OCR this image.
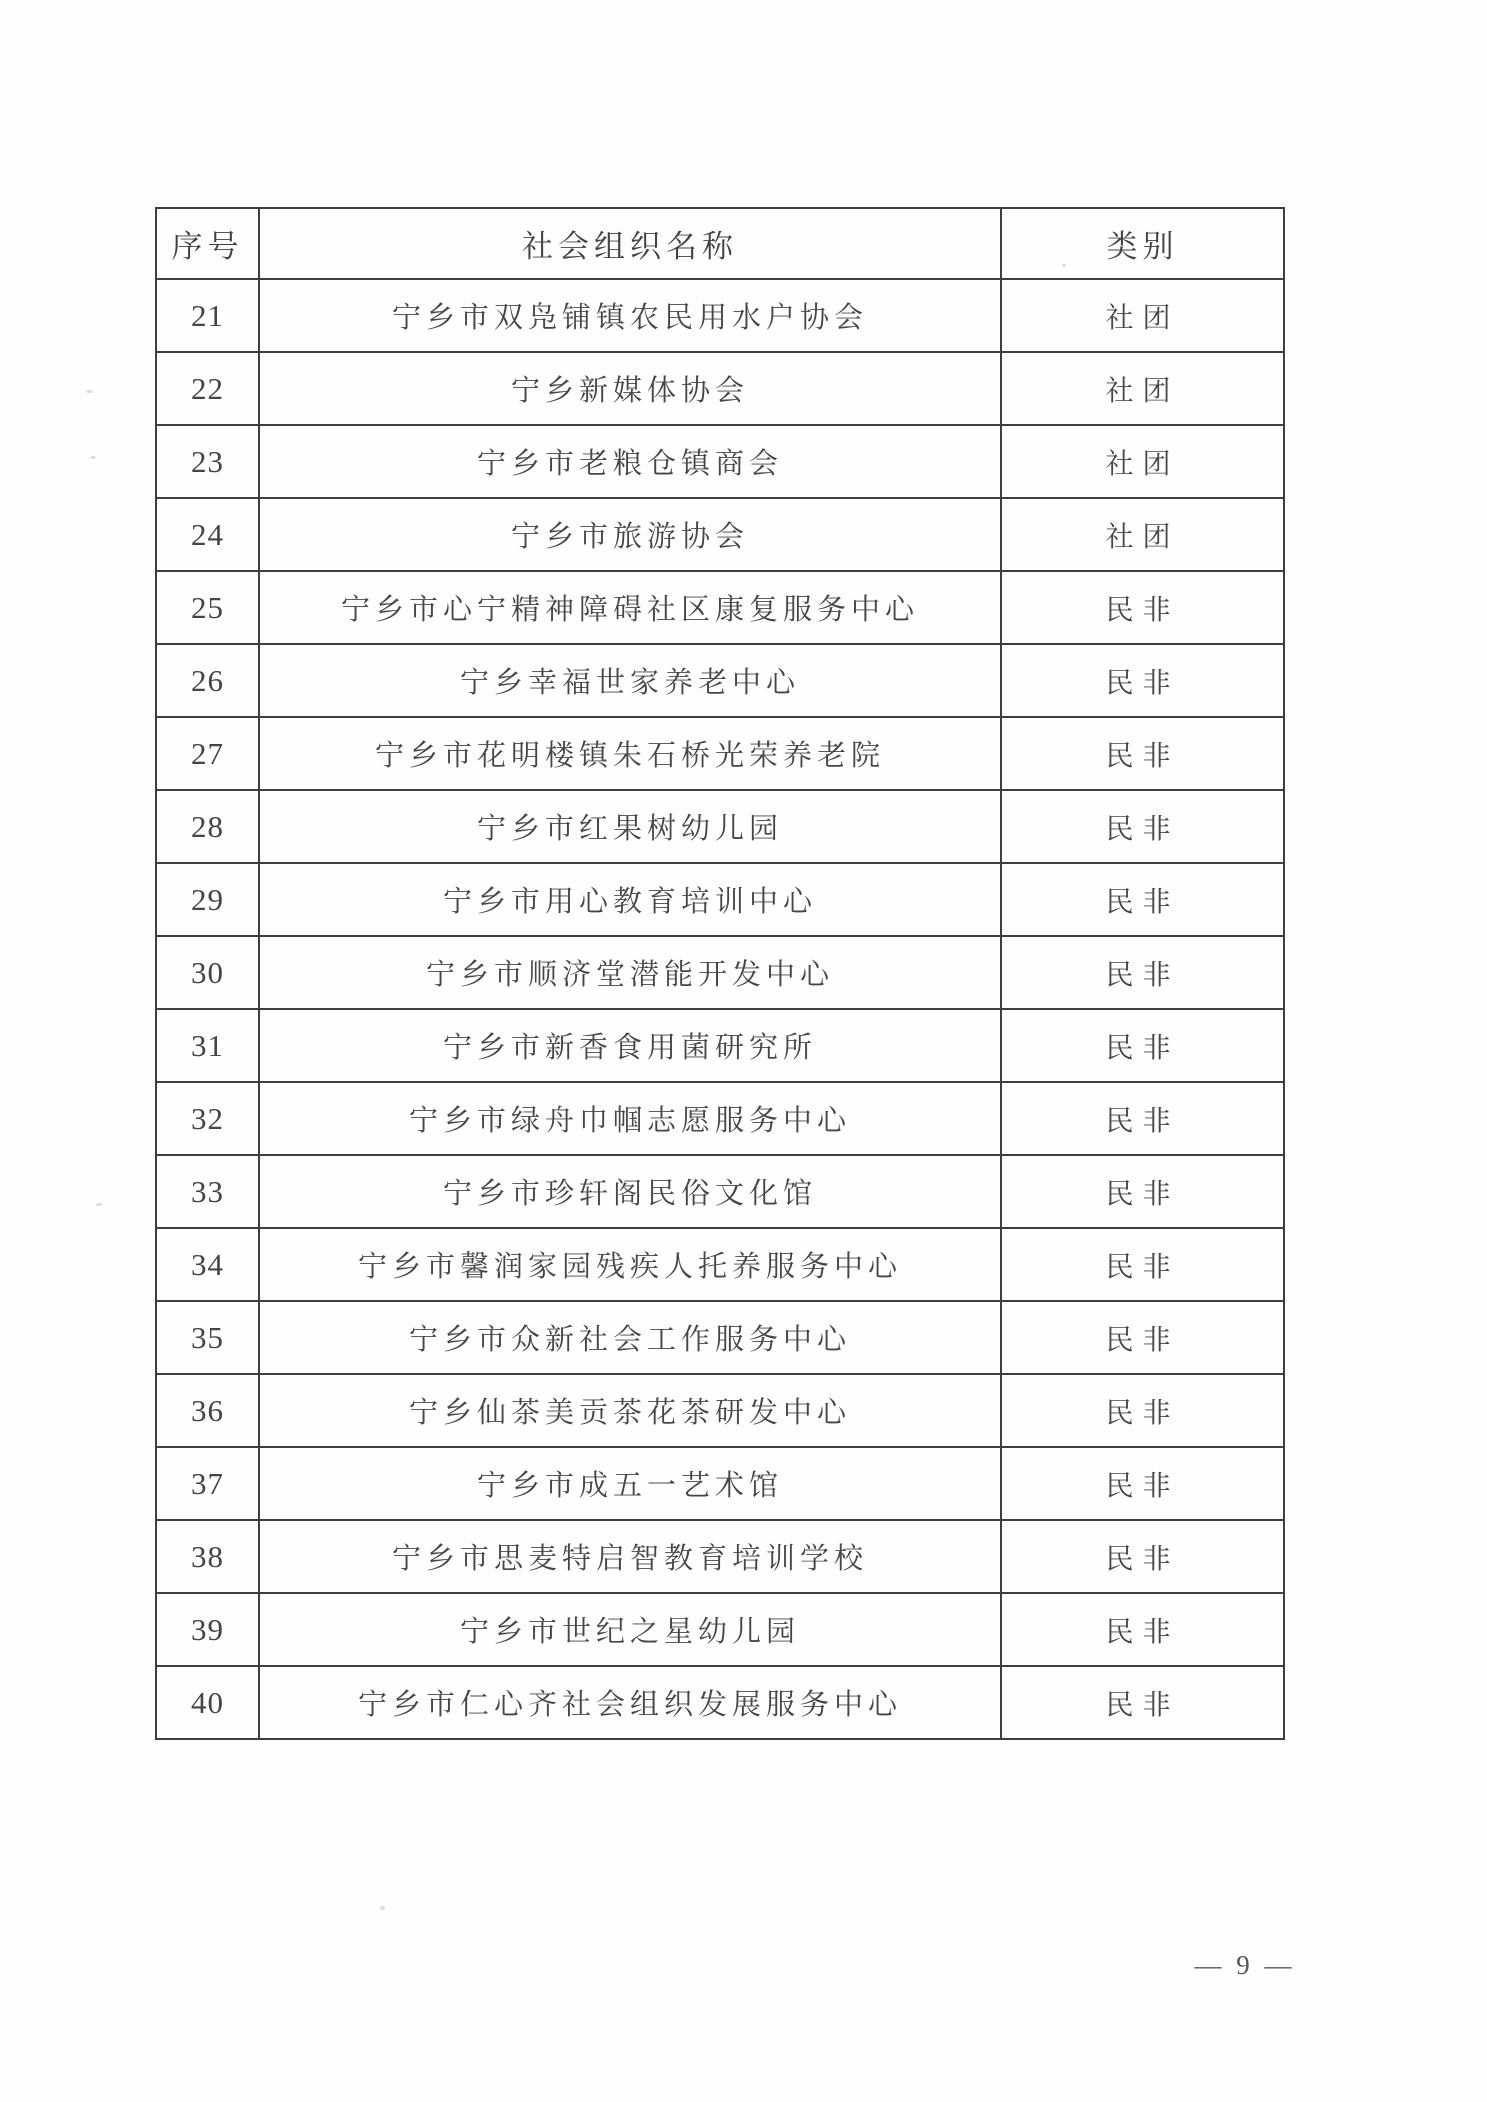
序号	社会组织名称	类别
21	宁乡市双凫铺镇农民用水户协会	社团
22	宁乡新媒体协会	社团
23	宁乡市老粮仓镇商会	社团
24	宁乡市旅游协会	社团
25	宁乡市心宁精神障碍社区康复服务中心	民非
26	宁乡幸福世家养老中心	民非
27	宁乡市花明楼镇朱石桥光荣养老院	民非
28	宁乡市红果树幼儿园	民非
29	宁乡市用心教育培训中心	民非
30	宁乡市顺济堂潜能开发中心	民非
31	宁乡市新香食用菌研究所	民非
32	宁乡市绿舟巾帼志愿服务中心	民非
33	宁乡市珍轩阁民俗文化馆	民非
34	宁乡市馨润家园残疾人托养服务中心	民非
35	宁乡市众新社会工作服务中心	民非
36	宁乡仙茶美贡茶花茶研发中心	民非
37	宁乡市成五一艺术馆	民非
38	宁乡市思麦特启智教育培训学校	民非
39	宁乡市世纪之星幼儿园	民非
40	宁乡市仁心齐社会组织发展服务中心	民非
— 9 —
